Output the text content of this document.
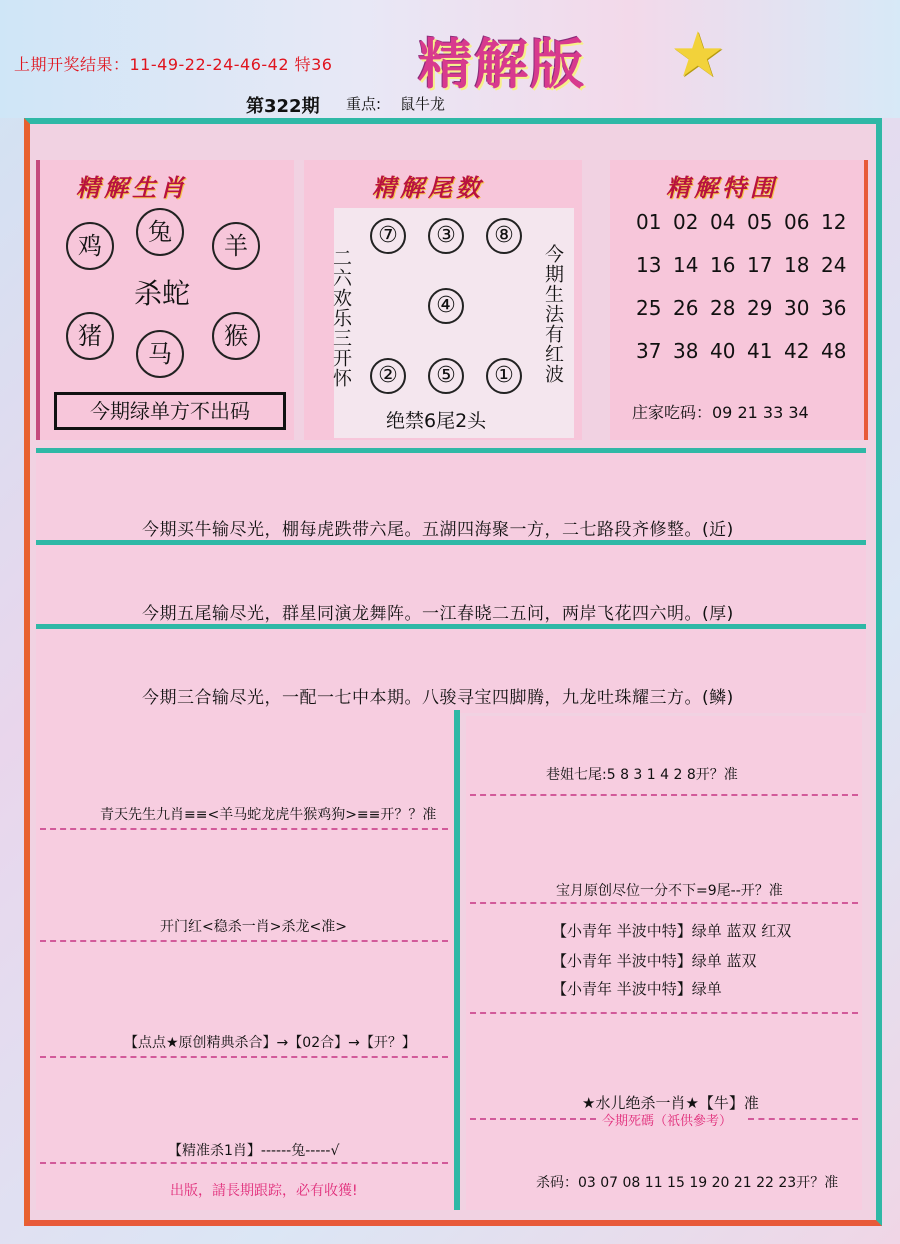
上期开奖结果：11-49-22-24-46-42 特36 精解版 ★
第322期 重点: 鼠牛龙
精解生肖
鸡	兔	羊
猪
马
猴
杀蛇
今期绿单方不出码
精解尾数
⑦	③	⑧
④
②	⑤	①
二六欢乐三开怀	今期生法有红波
绝禁6尾2头
精解特围
01 02 04 05 06 12
13 14 16 17 18 24
25 26 28 29 30 36
37 38 40 41 42 48
庄家吃码：09 21 33 34
今期买牛输尽光，棚每虎跌带六尾。五湖四海聚一方，二七路段齐修整。(近)
今期五尾输尽光，群星同演龙舞阵。一江春晓二五问，两岸飞花四六明。(厚)
今期三合输尽光，一配一七中本期。八骏寻宝四脚腾，九龙吐珠耀三方。(鳞)
青天先生九肖≡≡<羊马蛇龙虎牛猴鸡狗>≡≡开？？准
开门红<稳杀一肖>杀龙<准>
【点点★原创精典杀合】→【02合】→【开？】
【精准杀1肖】------兔-----√
出版，請長期跟踪，必有收獲!
巷姐七尾:5 8 3 1 4 2 8开？准
宝月原创尽位一分不下=9尾--开？准
【小青年 半波中特】绿单 蓝双 红双
【小青年 半波中特】绿单 蓝双
【小青年 半波中特】绿单
★水儿绝杀一肖★【牛】准
今期死碼（祇供參考）
杀码：03 07 08 11 15 19 20 21 22 23开？准
